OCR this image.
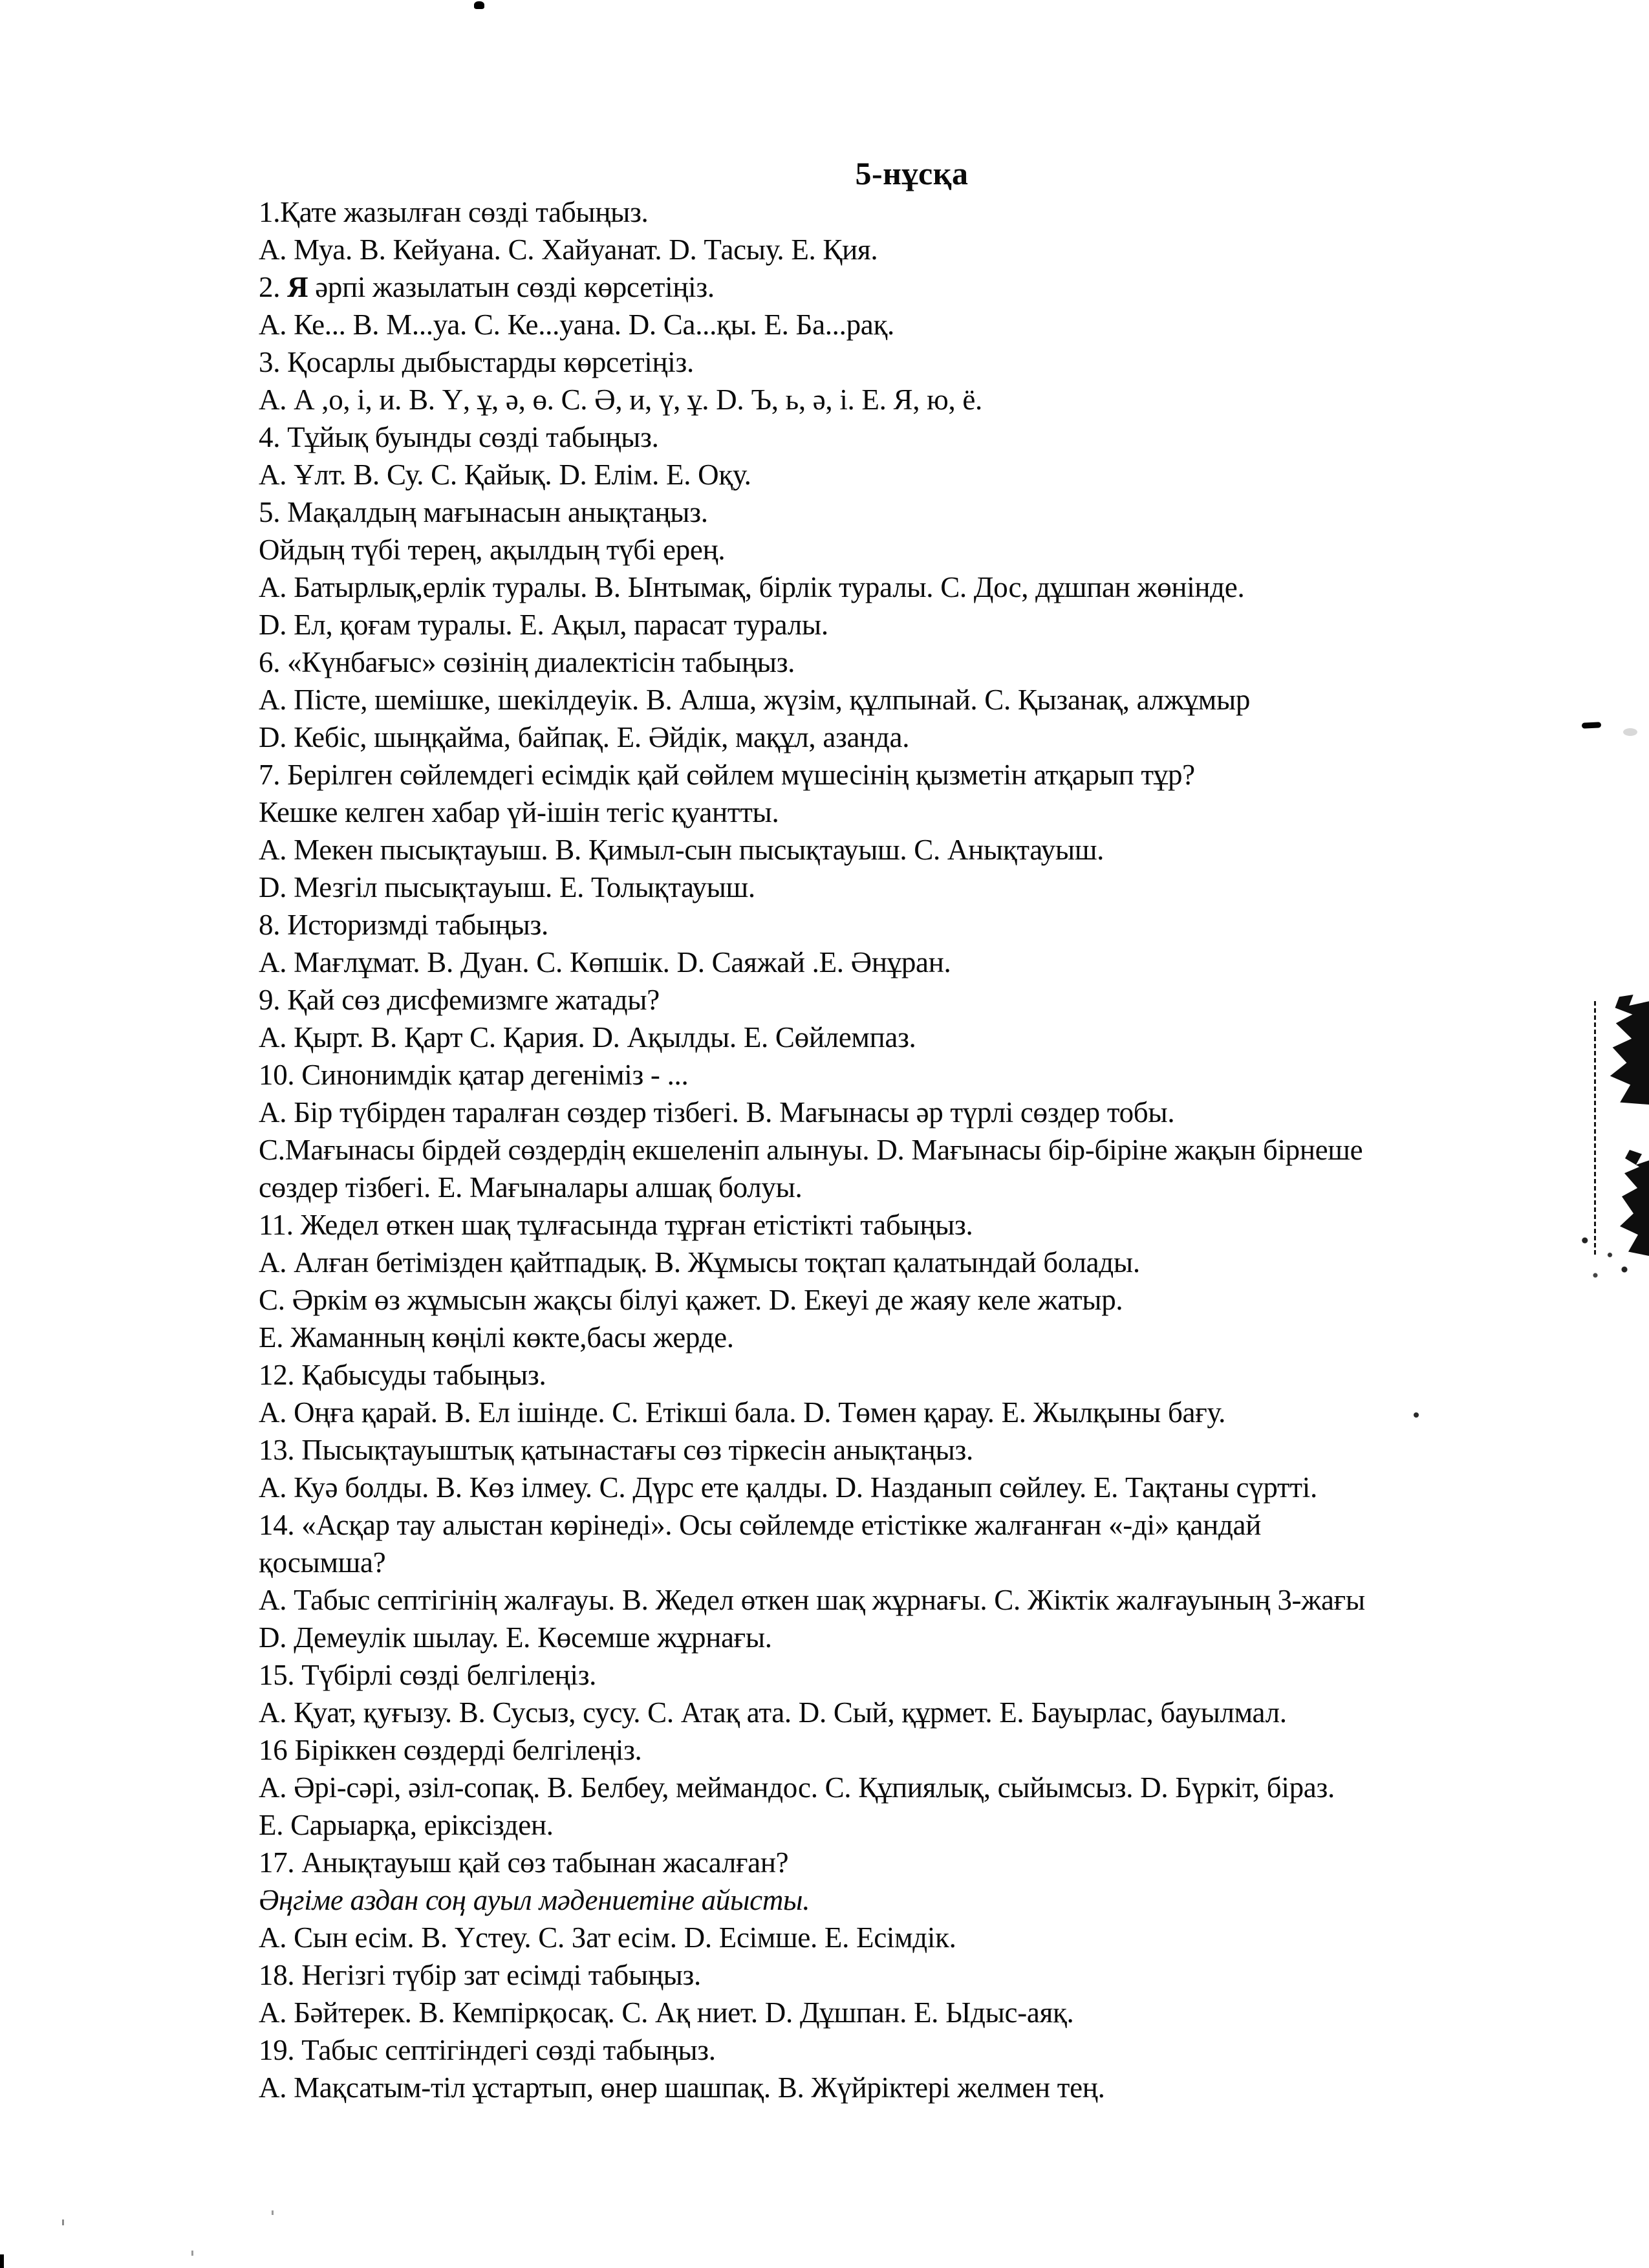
5-нұсқа
1.Қате жазылған сөзді табыңыз.
А. Муа. В. Кейуана. С. Хайуанат. D. Тасыу. Е. Қия.
2. Я әрпі жазылатын сөзді көрсетіңіз.
А. Ке... В. М...уа. С. Ке...уана. D. Са...қы. Е. Ба...рақ.
3. Қосарлы дыбыстарды көрсетіңіз.
А. А ,о, і, и. В. Ү, ұ, ә, ө. С. Ә, и, ү, ұ. D. Ъ, ь, ә, і. Е. Я, ю, ё.
4. Тұйық буынды сөзді табыңыз.
А. Ұлт. В. Су. С. Қайық. D. Елім. Е. Оқу.
5. Мақалдың мағынасын анықтаңыз.
Ойдың түбі терең, ақылдың түбі ерең.
А. Батырлық,ерлік туралы. В. Ынтымақ, бірлік туралы. С. Дос, дұшпан жөнінде.
D. Ел, қоғам туралы. Е. Ақыл, парасат туралы.
6. «Күнбағыс» сөзінің диалектісін табыңыз.
А. Пісте, шемішке, шекілдеуік. В. Алша, жүзім, құлпынай. С. Қызанақ, алжұмыр
D. Кебіс, шыңқайма, байпақ. Е. Әйдік, мақұл, азанда.
7. Берілген сөйлемдегі есімдік қай сөйлем мүшесінің қызметін атқарып тұр?
Кешке келген хабар үй-ішін тегіс қуантты.
А. Мекен пысықтауыш. В. Қимыл-сын пысықтауыш. С. Анықтауыш.
D. Мезгіл пысықтауыш. Е. Толықтауыш.
8. Историзмді табыңыз.
А. Мағлұмат. В. Дуан. С. Көпшік. D. Саяжай .Е. Әнұран.
9. Қай сөз дисфемизмге жатады?
А. Қырт. В. Қарт С. Қария. D. Ақылды. Е. Сөйлемпаз.
10. Синонимдік қатар дегеніміз - ...
А. Бір түбірден таралған сөздер тізбегі. В. Мағынасы әр түрлі сөздер тобы.
С.Мағынасы бірдей сөздердің екшеленіп алынуы. D. Мағынасы бір-біріне жақын бірнеше
сөздер тізбегі. Е. Мағыналары алшақ болуы.
11. Жедел өткен шақ тұлғасында тұрған етістікті табыңыз.
А. Алған бетімізден қайтпадық. В. Жұмысы тоқтап қалатындай болады.
С. Әркім өз жұмысын жақсы білуі қажет. D. Екеуі де жаяу келе жатыр.
Е. Жаманның көңілі көкте,басы жерде.
12. Қабысуды табыңыз.
А. Оңға қарай. В. Ел ішінде. С. Етікші бала. D. Төмен қарау. Е. Жылқыны бағу.
13. Пысықтауыштық қатынастағы сөз тіркесін анықтаңыз.
А. Куә болды. В. Көз ілмеу. С. Дүрс ете қалды. D. Назданып сөйлеу. Е. Тақтаны сүртті.
14. «Асқар тау алыстан көрінеді». Осы сөйлемде етістікке жалғанған «-ді» қандай
қосымша?
А. Табыс септігінің жалғауы. В. Жедел өткен шақ жұрнағы. С. Жіктік жалғауының 3-жағы
D. Демеулік шылау. Е. Көсемше жұрнағы.
15. Түбірлі сөзді белгілеңіз.
А. Қуат, қуғызу. В. Сусыз, сусу. С. Атақ ата. D. Сый, құрмет. Е. Бауырлас, бауылмал.
16 Біріккен сөздерді белгілеңіз.
А. Әрі-сәрі, әзіл-сопақ. В. Белбеу, меймандос. С. Құпиялық, сыйымсыз. D. Бүркіт, біраз.
Е. Сарыарқа, еріксізден.
17. Анықтауыш қай сөз табынан жасалған?
Әңгіме аздан соң ауыл мәдениетіне айысты.
А. Сын есім. В. Үстеу. С. Зат есім. D. Есімше. Е. Есімдік.
18. Негізгі түбір зат есімді табыңыз.
А. Бәйтерек. В. Кемпірқосақ. С. Ақ ниет. D. Дұшпан. Е. Ыдыс-аяқ.
19. Табыс септігіндегі сөзді табыңыз.
А. Мақсатым-тіл ұстартып, өнер шашпақ. В. Жүйріктері желмен тең.
